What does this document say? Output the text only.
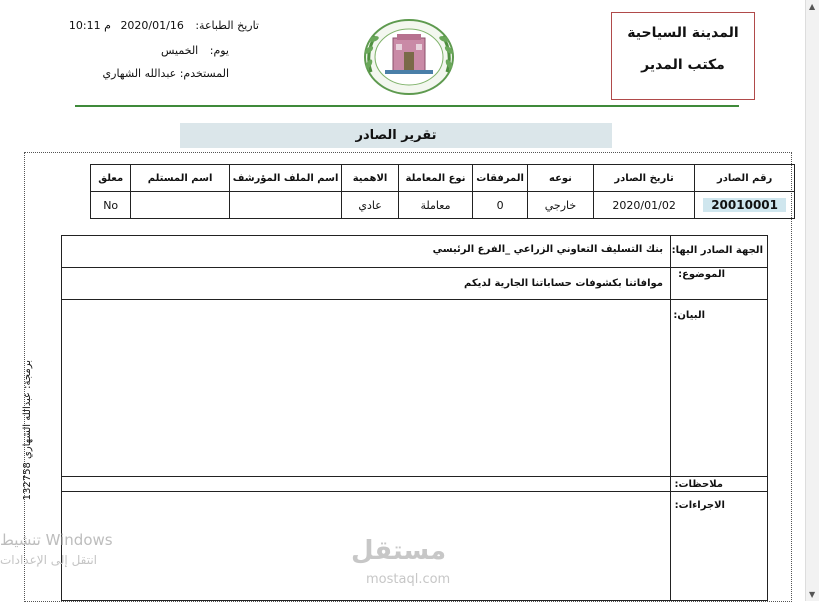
المدينة السياحية
مكتب المدير
تاريخ الطباعة: 2020/01/16 م 10:11
يوم: الخميس
المستخدم: عبدالله الشهاري
تقرير الصادر
رقم الصادر	تاريخ الصادر	نوعه	المرفقات	نوع المعاملة	الاهمية	اسم الملف المؤرشف	اسم المستلم	معلق
20010001	2020/01/02	خارجي	0	معاملة	عادي			No
الجهة الصادر اليها:
بنك التسليف التعاوني الزراعي _الفرع الرئيسي
الموضوع:
موافاتنا بكشوفات حساباتنا الجارية لديكم
البيان:
ملاحظات:
الاجراءات:
برمجة: عبدالله الشهاري 132758
تنشيط Windows
انتقل إلى الإعدادات	مستقل
mostaql.com
▲
▼
